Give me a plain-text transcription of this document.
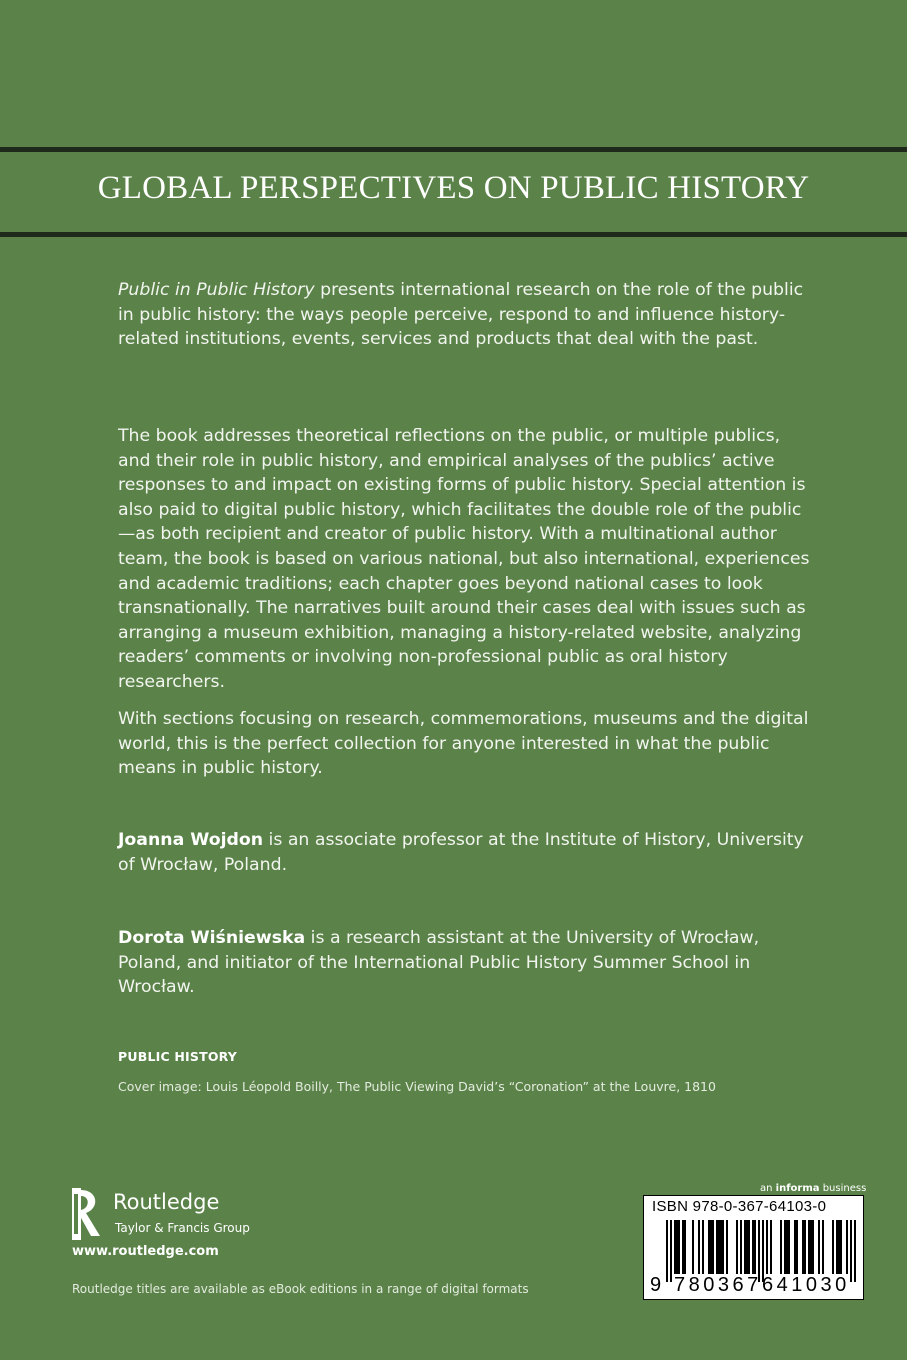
GLOBAL PERSPECTIVES ON PUBLIC HISTORY

Public in Public History presents international research on the role of the public in public history: the ways people perceive, respond to and influence history-related institutions, events, services and products that deal with the past.

The book addresses theoretical reflections on the public, or multiple publics, and their role in public history, and empirical analyses of the publics’ active responses to and impact on existing forms of public history. Special attention is also paid to digital public history, which facilitates the double role of the public—as both recipient and creator of public history. With a multinational author team, the book is based on various national, but also international, experiences and academic traditions; each chapter goes beyond national cases to look transnationally. The narratives built around their cases deal with issues such as arranging a museum exhibition, managing a history-related website, analyzing readers’ comments or involving non-professional public as oral history researchers.

With sections focusing on research, commemorations, museums and the digital world, this is the perfect collection for anyone interested in what the public means in public history.

Joanna Wojdon is an associate professor at the Institute of History, University of Wrocław, Poland.

Dorota Wiśniewska is a research assistant at the University of Wrocław, Poland, and initiator of the International Public History Summer School in Wrocław.

PUBLIC HISTORY
Cover image: Louis Léopold Boilly, The Public Viewing David’s “Coronation” at the Louvre, 1810
Routledge
Taylor & Francis Group
www.routledge.com
Routledge titles are available as eBook editions in a range of digital formats
an informa business
ISBN 978-0-367-64103-0
9 780367 641030
